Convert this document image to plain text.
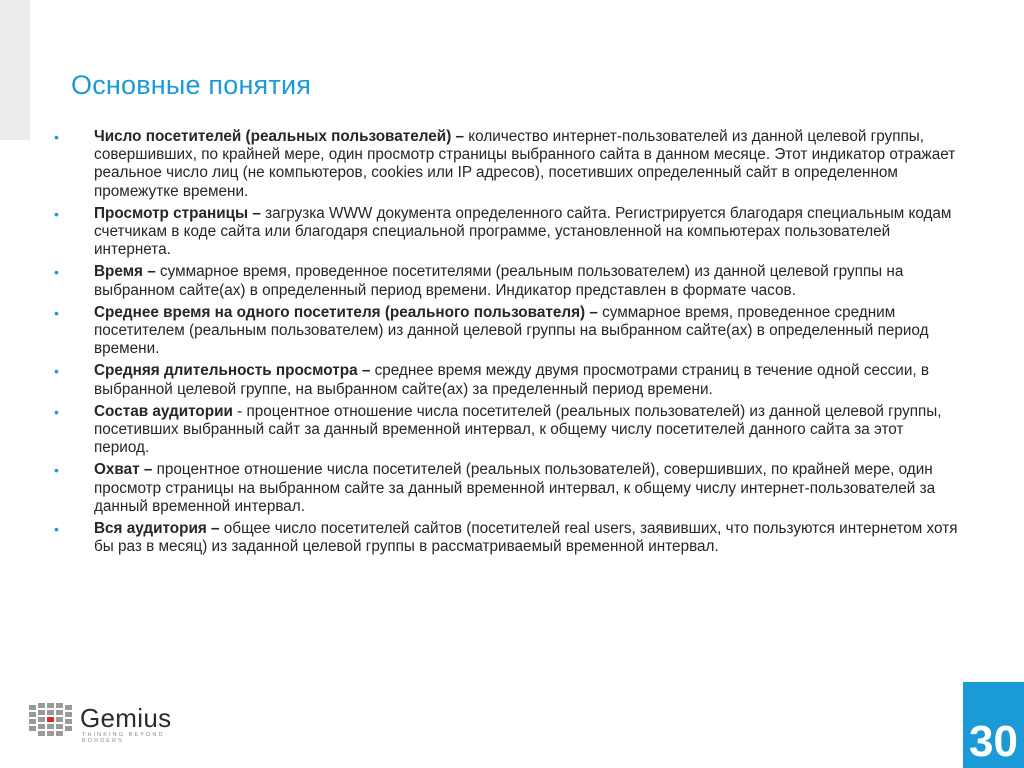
Основные понятия
• Число посетителей (реальных пользователей) – количество интернет-пользователей из данной целевой группы, совершивших, по крайней мере, один просмотр страницы выбранного сайта в данном месяце. Этот индикатор отражает реальное число лиц (не компьютеров, cookies или IP адресов), посетивших определенный сайт в определенном промежутке времени.
• Просмотр страницы – загрузка WWW документа определенного сайта. Регистрируется благодаря специальным кодам счетчикам в коде сайта или благодаря специальной программе, установленной на компьютерах пользователей интернета.
• Время – суммарное время, проведенное посетителями (реальным пользователем) из данной целевой группы на выбранном сайте(ах) в определенный период времени. Индикатор представлен в формате часов.
• Среднее время на одного посетителя (реального пользователя) – суммарное время, проведенное средним посетителем (реальным пользователем) из данной целевой группы на выбранном сайте(ах) в определенный период времени.
• Средняя длительность просмотра – среднее время между двумя просмотрами страниц в течение одной сессии, в выбранной целевой группе, на выбранном сайте(ах) за пределенный период времени.
• Состав аудитории - процентное отношение числа посетителей (реальных пользователей) из данной целевой группы, посетивших выбранный сайт за данный временной интервал, к общему числу посетителей данного сайта за этот период.
• Охват – процентное отношение числа посетителей (реальных пользователей), совершивших, по крайней мере, один просмотр страницы на выбранном сайте за данный временной интервал, к общему числу интернет-пользователей за данный временной интервал.
• Вся аудитория – общее число посетителей сайтов (посетителей real users, заявивших, что пользуются интернетом хотя бы раз в месяц) из заданной целевой группы в рассматриваемый временной интервал.
Gemius
THINKING BEYOND BORDERS	30
